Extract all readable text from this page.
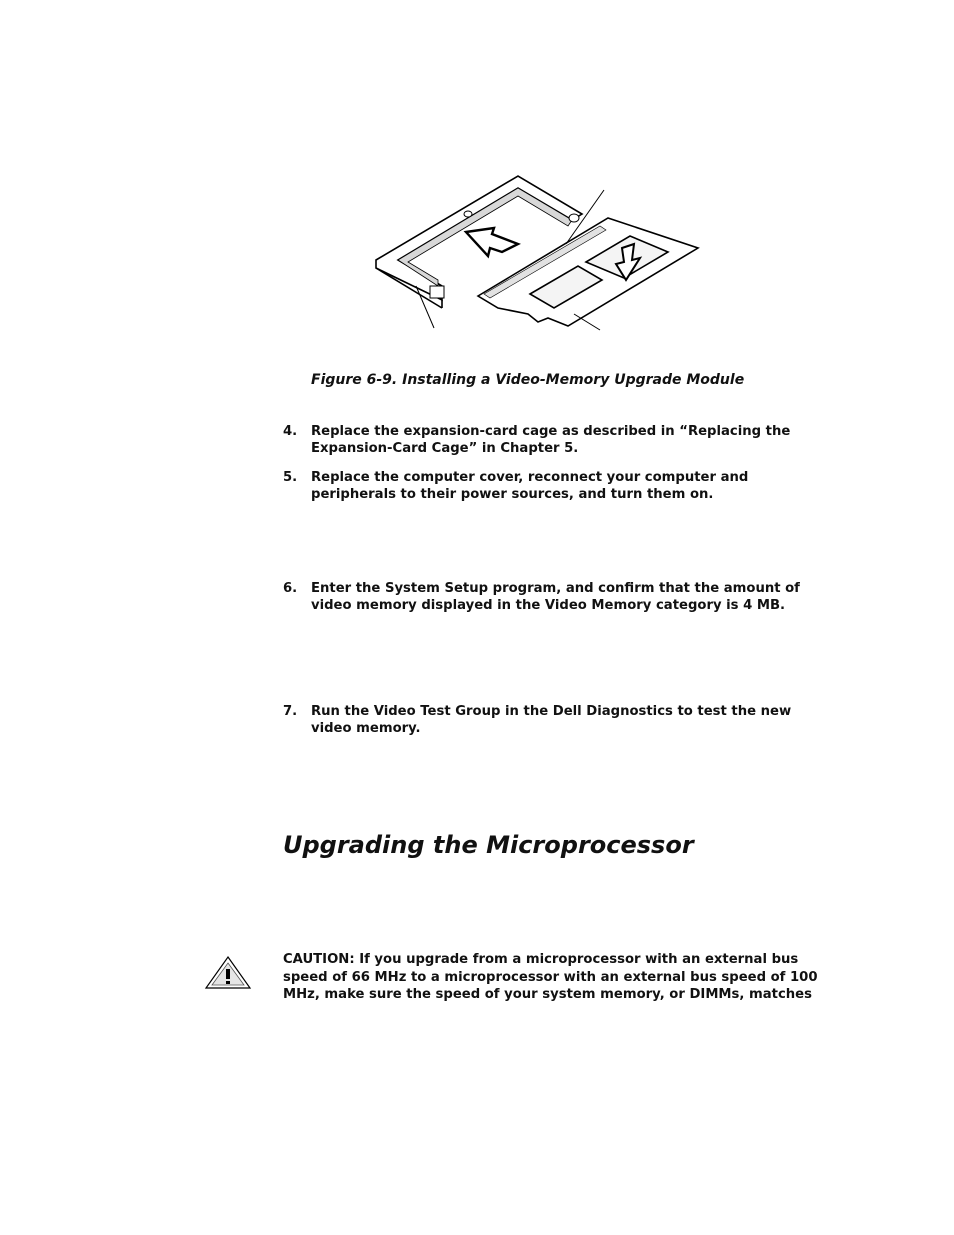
Figure 6-9. Installing a Video-Memory Upgrade Module
4. Replace the expansion-card cage as described in “Replacing the Expansion-Card Cage” in Chapter 5.
5. Replace the computer cover, reconnect your computer and peripherals to their power sources, and turn them on.
6. Enter the System Setup program, and confirm that the amount of video memory displayed in the Video Memory category is 4 MB.
7. Run the Video Test Group in the Dell Diagnostics to test the new video memory.
Upgrading the Microprocessor
CAUTION: If you upgrade from a microprocessor with an external bus speed of 66 MHz to a microprocessor with an external bus speed of 100 MHz, make sure the speed of your system memory, or DIMMs, matches
